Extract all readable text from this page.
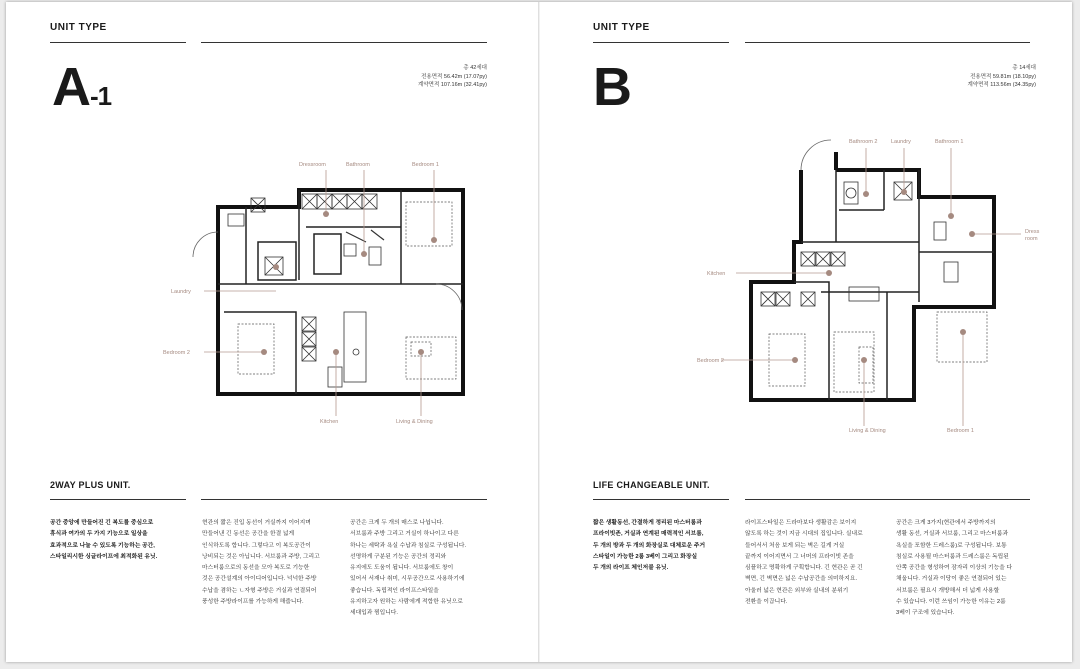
UNIT TYPE
A-1
총 42세대
전용면적 56.42m (17.07py)
계약면적 107.16m (32.41py)
Dressroom	Bathroom	Bedroom 1
Laundry
Bedroom 2
Kitchen	Living & Dining
2WAY PLUS UNIT.
공간 중앙에 만들어진 긴 복도를 중심으로
휴식과 여가의 두 가지 기능으로 일상을
효과적으로 나눌 수 있도록 기능하는 공간,
스타일리시한 싱글라이프에 최적화된 유닛.
현관의 짧은 진입 동선이 거실까지 이어지며
만들어낸 긴 동선은 공간을 한결 넓게
인식하도록 합니다. 그렇다고 이 복도공간이
낭비되는 것은 아닙니다. 서브룸과 주방, 그리고
마스터룸으로의 동선을 모아 복도로 기능한
것은 공간설계의 아이디어입니다. 넉넉한 주방
수납을 겸하는 ㄴ자형 주방은 거실과 연결되어
풍성한 주방라이프를 가능하게 해줍니다.
공간은 크게 두 개의 매스로 나뉩니다.
서브룸과 주방 그리고 거실이 하나이고 다른
하나는 세탁과 욕실 수납과 침실로 구성됩니다.
선명하게 구분된 기능은 공간의 정리와
유지에도 도움이 됩니다. 서브룸에도 창이
있어서 서재나 취미, 시무공간으로 사용하기에
좋습니다. 독립적인 라이프스타일을
유지하고자 원하는 사람에게 적합한 유닛으로
세대입과 찜입니다.
UNIT TYPE
B	총 14세대
전용면적 59.81m (18.10py)
계약면적 113.56m (34.35py)
Bathroom 2 Laundry	Bathroom 1
Dress
room
Kitchen
Bedroom 2
Living & Dining	Bedroom 1
LIFE CHANGEABLE UNIT.
짧은 생활동선, 간결하게 정리된 마스터룸과
프라이빗존, 거실과 연계된 매력적인 서브룸,
두 개의 방과 두 개의 화장실로 대체로운 주거
스타일이 가능한 2룸 3베이 그리고 화장실
두 개의 라이프 체인저블 유닛.
라이프스타일은 드라마보다 생활감은 보이지
않도록 하는 것이 지금 시대의 집입니다. 실내로
들어서서 처음 보게 되는 벽은 길게 거실
끝까지 이어지면서 그 너머의 프라이빗 존을
심플하고 명확하게 구획합니다. 긴 현관은 곧 긴
벽면, 긴 벽면은 넓은 수납공간을 의미하지요.
아울러 넓은 현관은 외부와 실내의 분위기
전환을 이끕니다.
공간은 크게 3가지(현관에서 주방까지의
생활 동선, 거실과 서브룸, 그리고 마스터룸과
욕실을 포함한 드레스룸)로 구성됩니다. 보통
침실로 사용될 마스터룸과 드레스룸은 독립된
안쪽 공간을 형성하여 잠자리 이상의 기능을 다
채웁니다. 거실과 이당이 좋은 연결되어 있는
서브룸은 필요시 개방해서 더 넓게 사용할
수 있습니다. 이런 쓰임이 가능한 이유는 2룸
3베이 구조에 있습니다.
